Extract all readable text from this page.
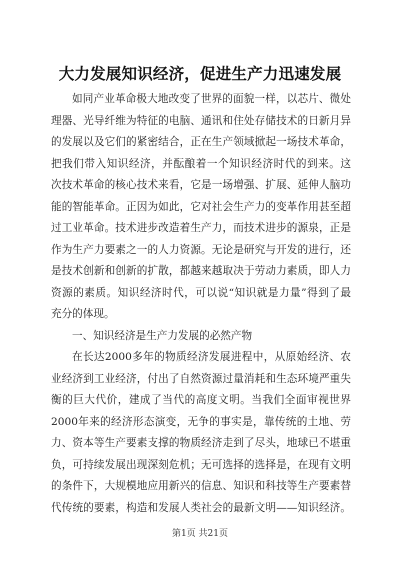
大力发展知识经济，促进生产力迅速发展
如同产业革命极大地改变了世界的面貌一样，以芯片、微处
理器、光导纤维为特征的电脑、通讯和住处存储技术的日新月异
的发展以及它们的紧密结合，正在生产领域掀起一场技术革命，
把我们带入知识经济，并酝酿着一个知识经济时代的到来。这
次技术革命的核心技术来看，它是一场增强、扩展、延伸人脑功
能的智能革命。正因为如此，它对社会生产力的变革作用甚至超
过工业革命。技术进步改造着生产力，而技术进步的源泉，正是
作为生产力要素之一的人力资源。无论是研究与开发的进行，还
是技术创新和创新的扩散，都越来越取决于劳动力素质，即人力
资源的素质。知识经济时代，可以说“知识就是力量”得到了最
充分的体现。
一、知识经济是生产力发展的必然产物
在长达2000多年的物质经济发展进程中，从原始经济、农
业经济到工业经济，付出了自然资源过量消耗和生态环境严重失
衡的巨大代价，建成了当代的高度文明。当我们全面审视世界
2000年来的经济形态演变，无争的事实是，靠传统的土地、劳
力、资本等生产要素支撑的物质经济走到了尽头，地球已不堪重
负，可持续发展出现深刻危机；无可选择的选择是，在现有文明
的条件下，大规模地应用新兴的信息、知识和科技等生产要素替
代传统的要素，构造和发展人类社会的最新文明——知识经济。
第1页 共21页
